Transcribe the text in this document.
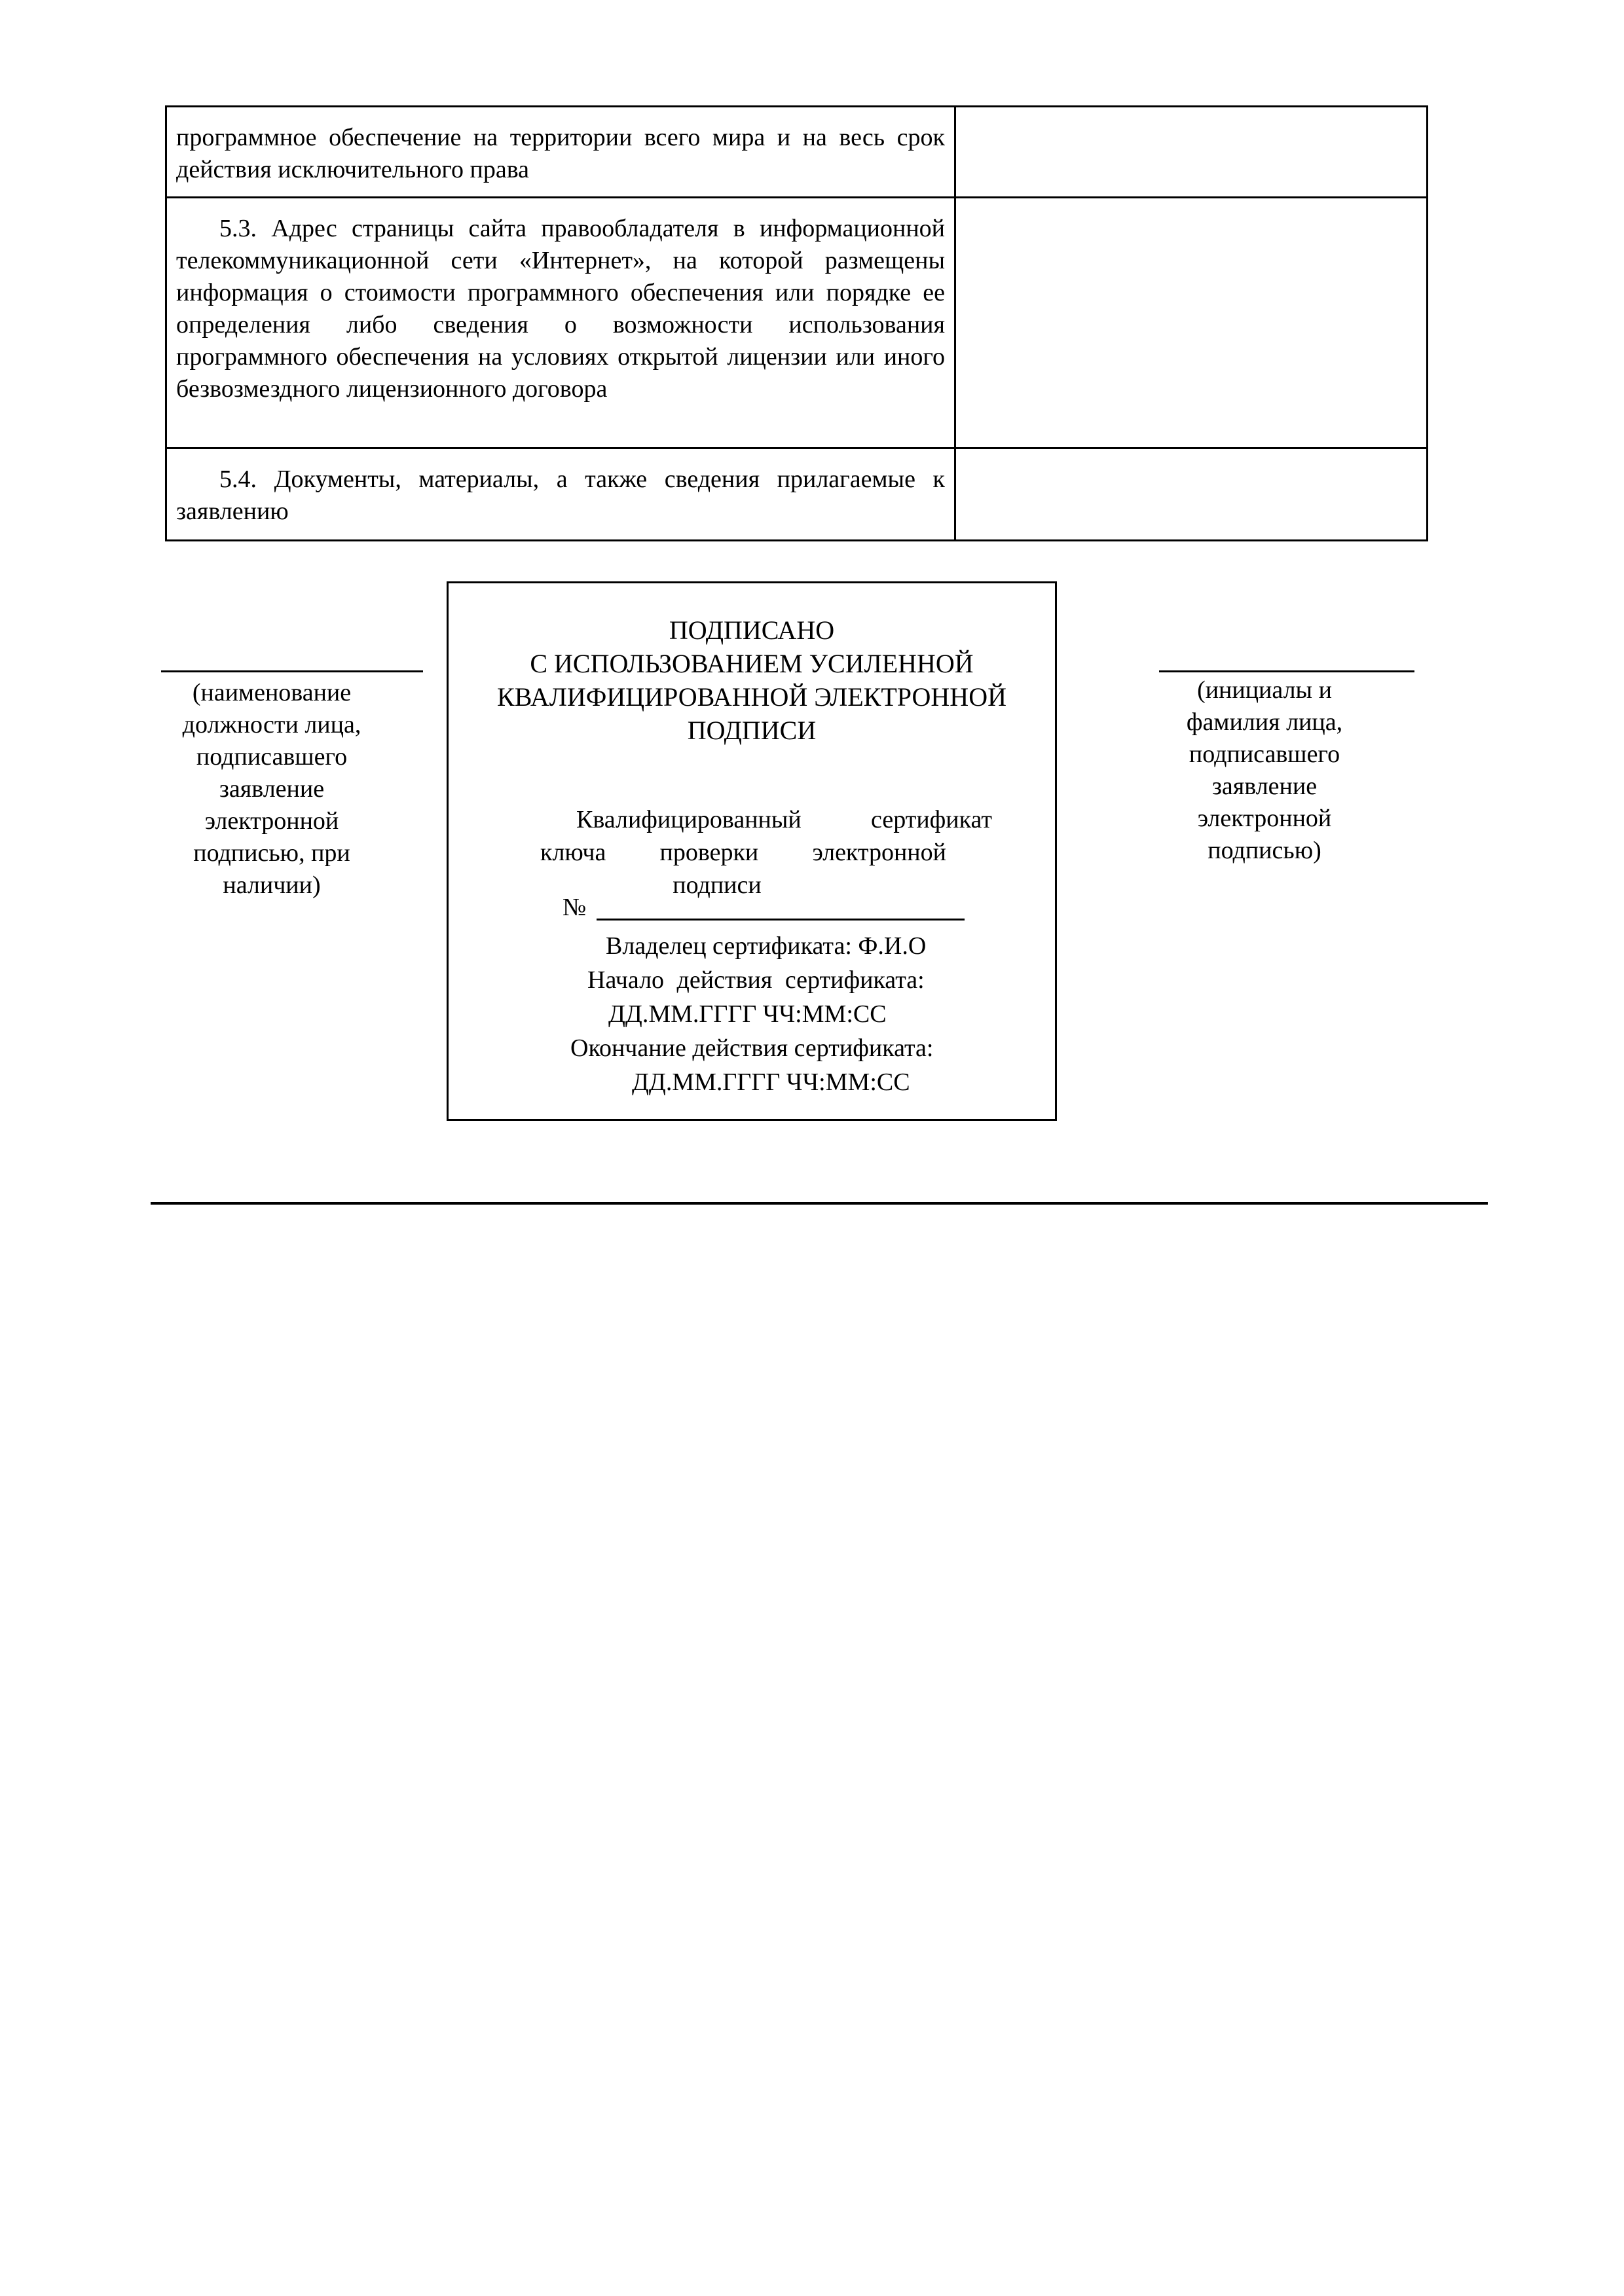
программное обеспечение на территории всего мира и на весь срок действия исключительного права	
5.3. Адрес страницы сайта правообладателя в информационной телекоммуникационной сети «Интернет», на которой размещены информация о стоимости программного обеспечения или порядке ее определения либо сведения о возможности использования программного обеспечения на условиях открытой лицензии или иного безвозмездного лицензионного договора	
5.4. Документы, материалы, а также сведения прилагаемые к заявлению	
(наименование
должности лица,
подписавшего
заявление
электронной
подписью, при
наличии)
ПОДПИСАНО
С ИСПОЛЬЗОВАНИЕМ УСИЛЕННОЙ
КВАЛИФИЦИРОВАННОЙ ЭЛЕКТРОННОЙ
ПОДПИСИ
Квалифицированный	сертификат
ключа проверки электронной
подписи
№
Владелец сертификата: Ф.И.О
Начало действия сертификата:
ДД.ММ.ГГГГ ЧЧ:ММ:СС
Окончание действия сертификата:
ДД.ММ.ГГГГ ЧЧ:ММ:СС
(инициалы и
фамилия лица,
подписавшего
заявление
электронной
подписью)
